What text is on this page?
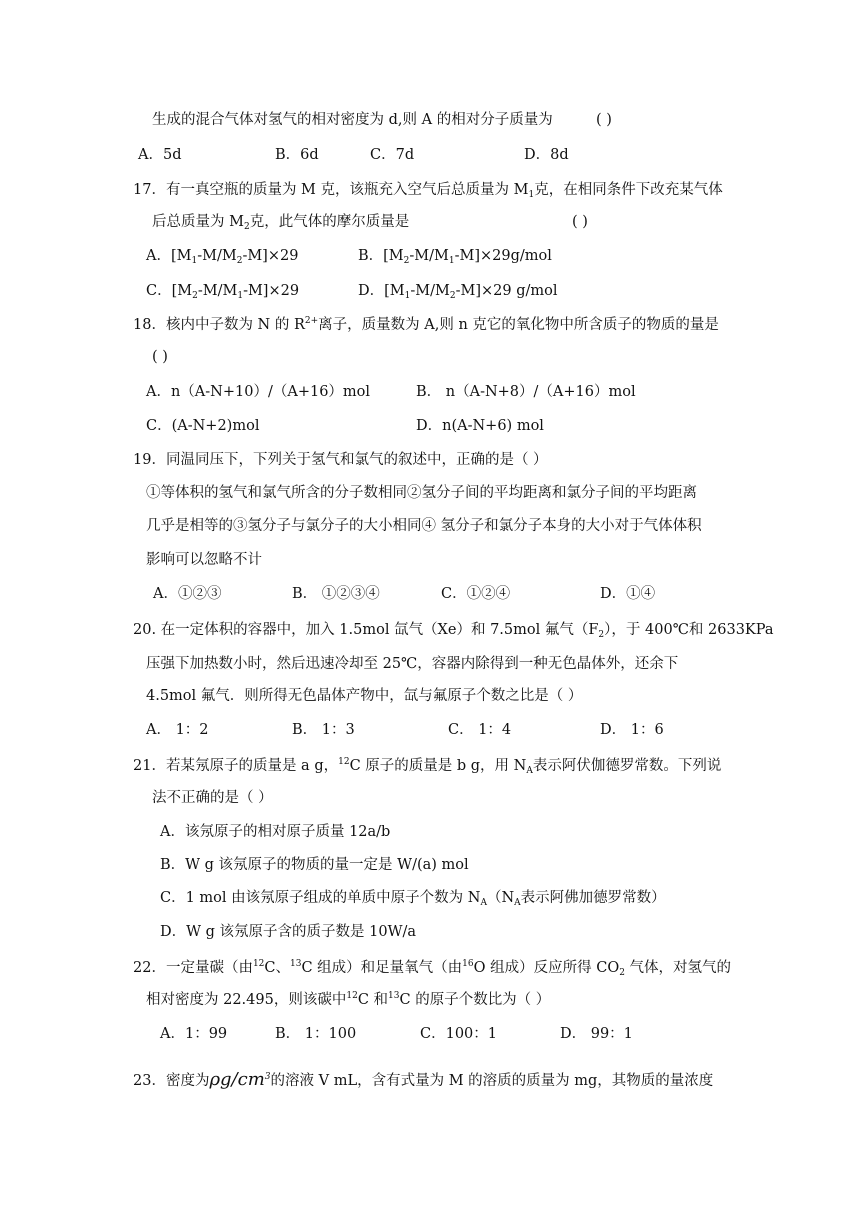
生成的混合气体对氢气的相对密度为 d,则 A 的相对分子质量为	( )
A．5d	B．6d	C．7d	D．8d
17．有一真空瓶的质量为 M 克，该瓶充入空气后总质量为 $M_1$克，在相同条件下改充某气体
后总质量为 $M_2$克，此气体的摩尔质量是	( )
A．$[M_1-M/M_2-M]\times 29$	B．$[M_2-M/M_1-M]\times 29g$/mol
C．$[M_2-M/M_1-M]\times 29$	D．$[M_1-M/M_2-M]\times 29$ g/mol
18．核内中子数为 N 的 $R^{2+}$离子，质量数为 A,则 n 克它的氧化物中所含质子的物质的量是
( )
A．n（A-N+10）/（A+16）mol	B． n（A-N+8）/（A+16）mol
C．(A-N+2)mol	D．n(A-N+6) mol
19．同温同压下，下列关于氢气和氯气的叙述中，正确的是（ ）
①等体积的氢气和氯气所含的分子数相同②氢分子间的平均距离和氯分子间的平均距离
几乎是相等的③氢分子与氯分子的大小相同④ 氢分子和氯分子本身的大小对于气体体积
影响可以忽略不计
A．①②③	B． ①②③④	C．①②④	D．①④
20. 在一定体积的容器中，加入 1.5mol 氙气（Xe）和 7.5mol 氟气$(F_2)$，于 400℃和 2633KPa
压强下加热数小时，然后迅速冷却至 25℃，容器内除得到一种无色晶体外，还余下
4.5mol 氟气．则所得无色晶体产物中，氙与氟原子个数之比是（ ）
A． 1：2	B． 1：3	C． 1：4	D． 1：6
21．若某氖原子的质量是 a g，$^{12}$C 原子的质量是 b g，用 $N_A$表示阿伏伽德罗常数。下列说
法不正确的是（ ）
A．该氖原子的相对原子质量 12a/b
B．W g 该氖原子的物质的量一定是 W/(a) mol
C．1 mol 由该氖原子组成的单质中原子个数为 $N_A(N_A$表示阿佛加德罗常数）
D．W g 该氖原子含的质子数是 10W/a
22．一定量碳（由$^{12}$C、$^{13}$C 组成）和足量氧气（由$^{16}$O 组成）反应所得 $CO_2$ 气体，对氢气的
相对密度为 22.495，则该碳中$^{12}$C 和$^{13}$C 的原子个数比为（ ）
A．1：99	B． 1：100	C．100：1	D． 99：1
23．密度为$\rho g/cm^3$的溶液 V mL，含有式量为 M 的溶质的质量为 mg，其物质的量浓度
